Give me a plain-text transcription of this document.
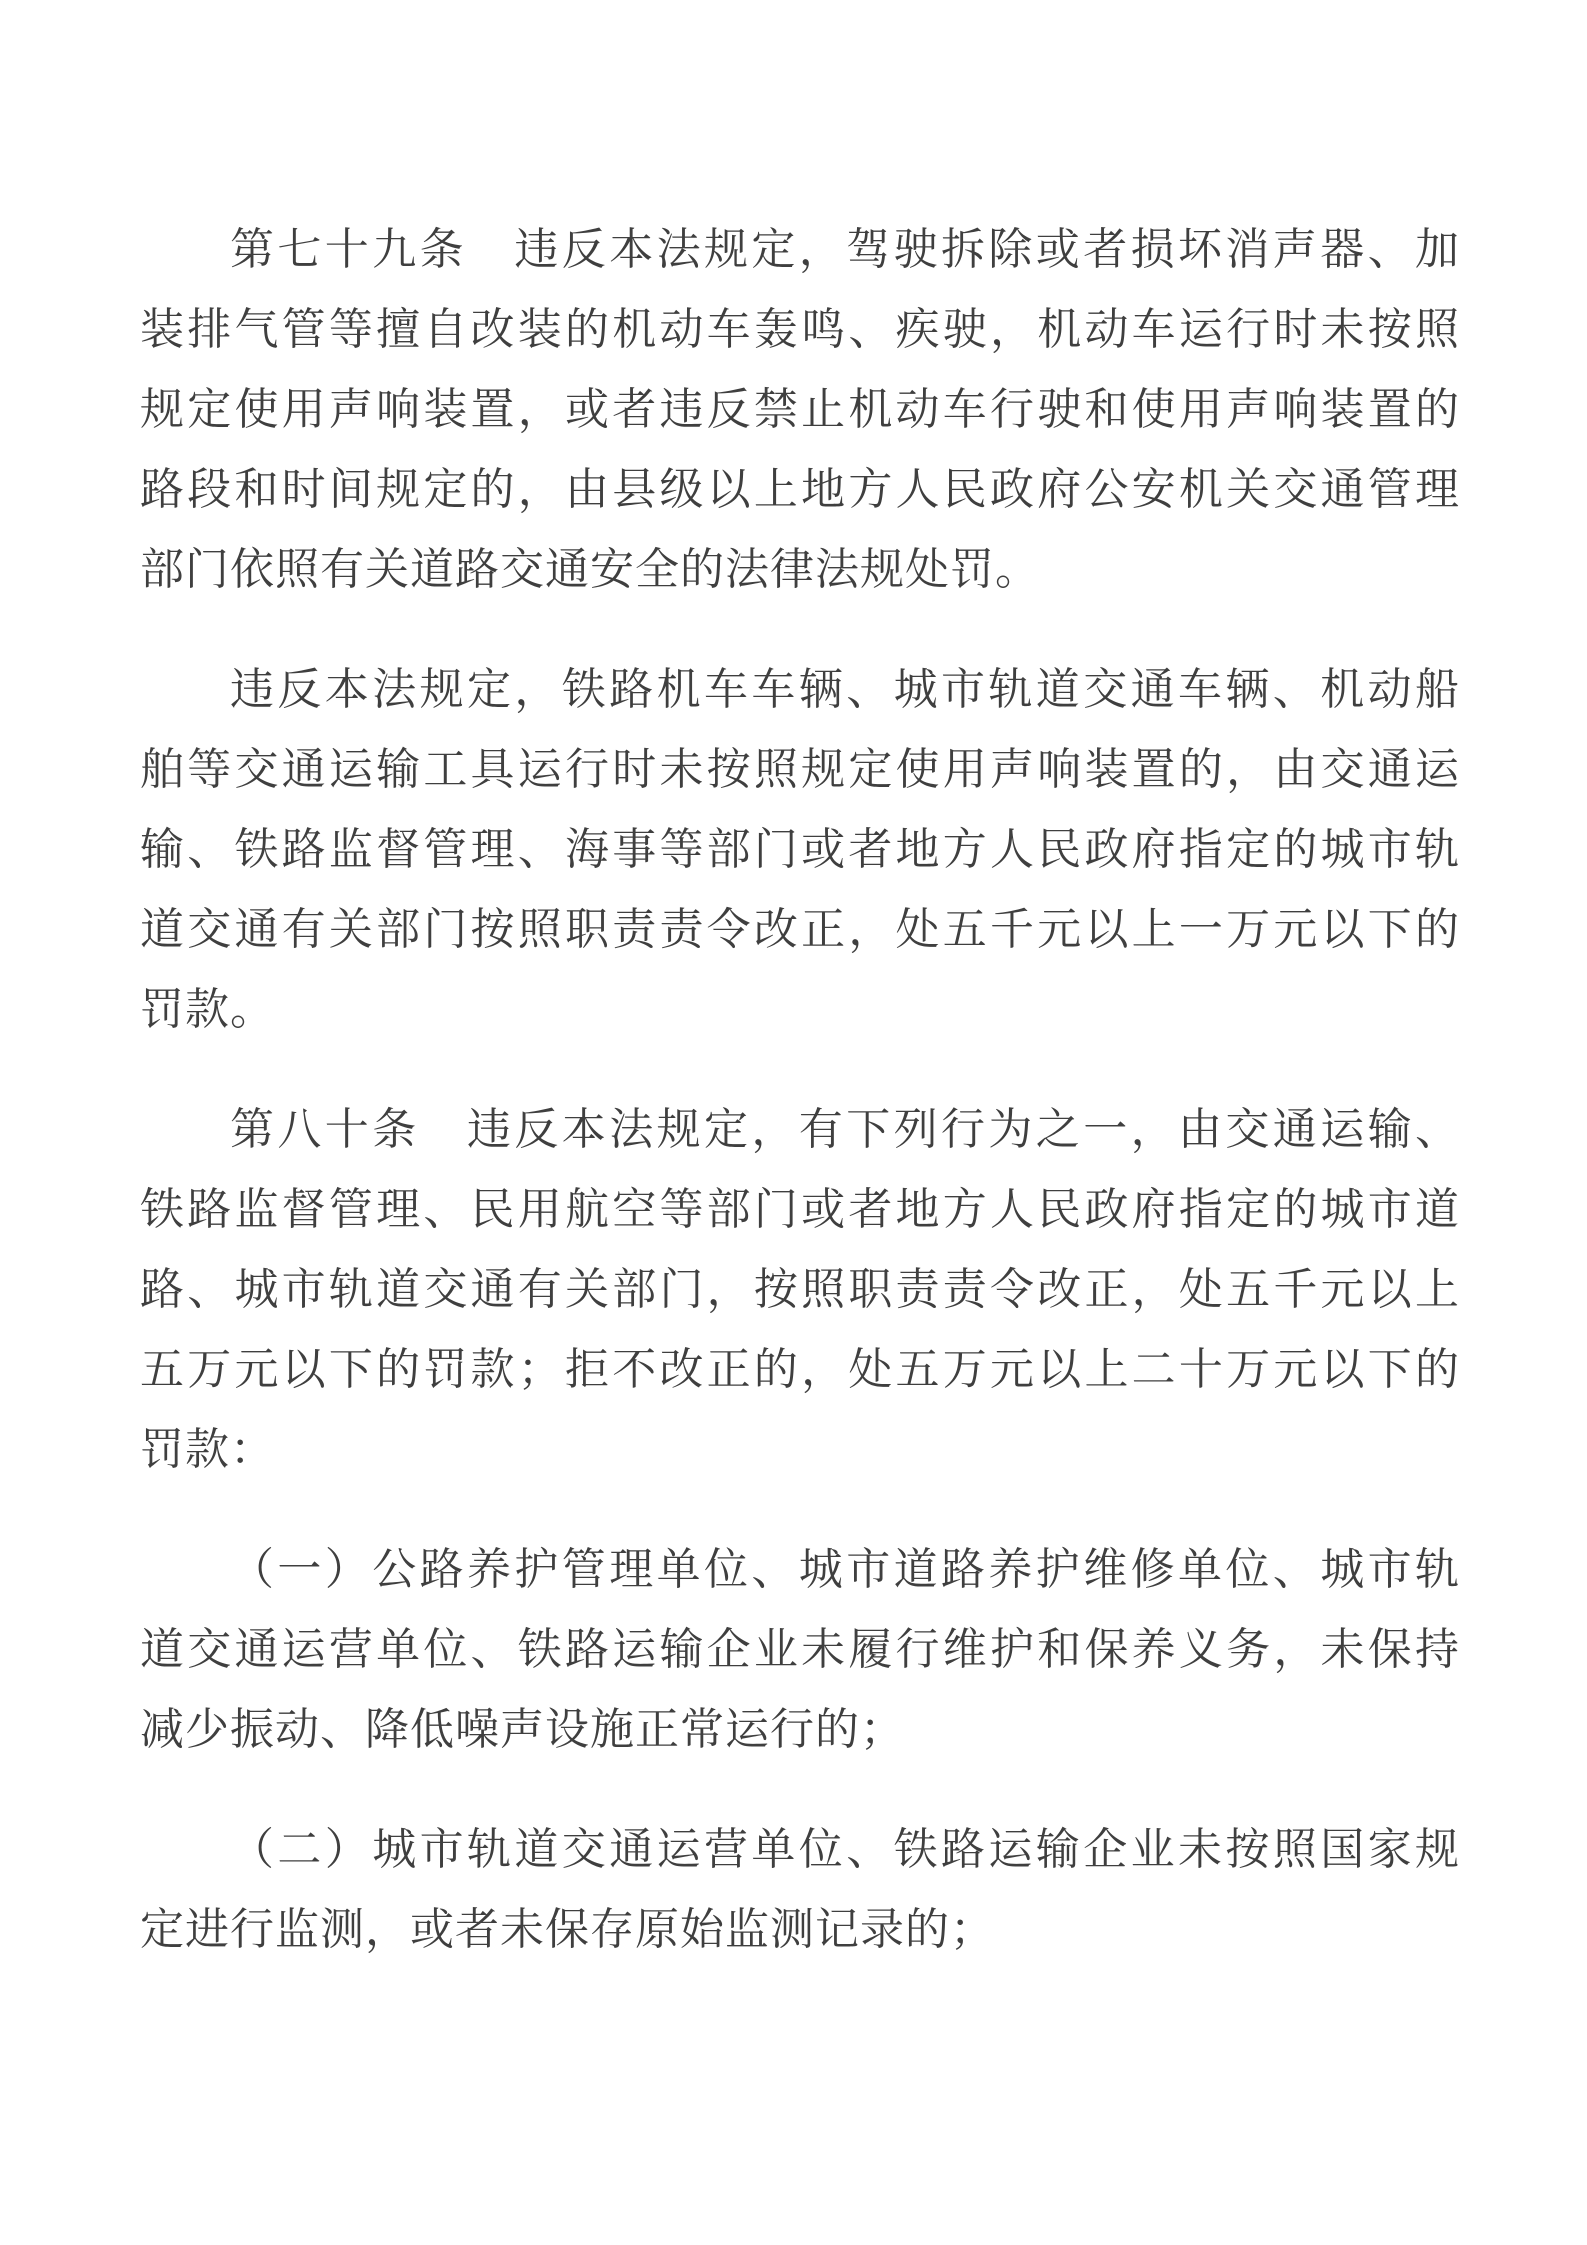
第七十九条　违反本法规定，驾驶拆除或者损坏消声器、加
装排气管等擅自改装的机动车轰鸣、疾驶，机动车运行时未按照
规定使用声响装置，或者违反禁止机动车行驶和使用声响装置的
路段和时间规定的，由县级以上地方人民政府公安机关交通管理
部门依照有关道路交通安全的法律法规处罚。
违反本法规定，铁路机车车辆、城市轨道交通车辆、机动船
舶等交通运输工具运行时未按照规定使用声响装置的，由交通运
输、铁路监督管理、海事等部门或者地方人民政府指定的城市轨
道交通有关部门按照职责责令改正，处五千元以上一万元以下的
罚款。
第八十条　违反本法规定，有下列行为之一，由交通运输、
铁路监督管理、民用航空等部门或者地方人民政府指定的城市道
路、城市轨道交通有关部门，按照职责责令改正，处五千元以上
五万元以下的罚款；拒不改正的，处五万元以上二十万元以下的
罚款：
（一）公路养护管理单位、城市道路养护维修单位、城市轨
道交通运营单位、铁路运输企业未履行维护和保养义务，未保持
减少振动、降低噪声设施正常运行的；
（二）城市轨道交通运营单位、铁路运输企业未按照国家规
定进行监测，或者未保存原始监测记录的；
